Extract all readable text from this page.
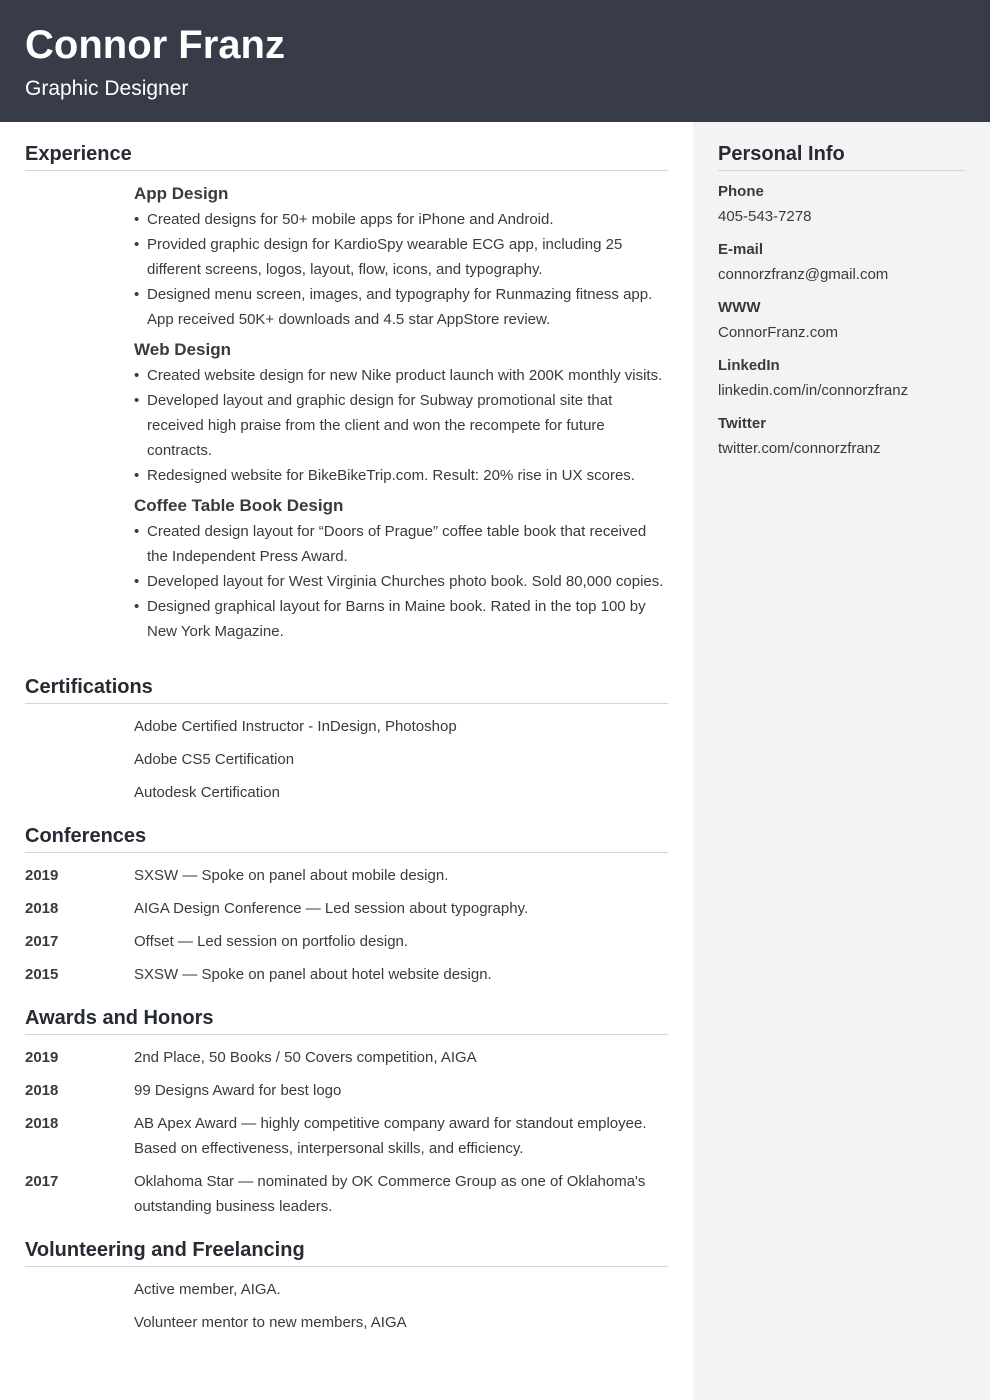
Connor Franz
Graphic Designer
Experience
App Design
• Created designs for 50+ mobile apps for iPhone and Android.
• Provided graphic design for KardioSpy wearable ECG app, including 25 different screens, logos, layout, flow, icons, and typography.
• Designed menu screen, images, and typography for Runmazing fitness app. App received 50K+ downloads and 4.5 star AppStore review.
Web Design
• Created website design for new Nike product launch with 200K monthly visits.
• Developed layout and graphic design for Subway promotional site that received high praise from the client and won the recompete for future contracts.
• Redesigned website for BikeBikeTrip.com. Result: 20% rise in UX scores.
Coffee Table Book Design
• Created design layout for “Doors of Prague” coffee table book that received the Independent Press Award.
• Developed layout for West Virginia Churches photo book. Sold 80,000 copies.
• Designed graphical layout for Barns in Maine book. Rated in the top 100 by New York Magazine.
Certifications
Adobe Certified Instructor - InDesign, Photoshop
Adobe CS5 Certification
Autodesk Certification
Conferences
2019	SXSW — Spoke on panel about mobile design.
2018	AIGA Design Conference — Led session about typography.
2017	Offset — Led session on portfolio design.
2015	SXSW — Spoke on panel about hotel website design.
Awards and Honors
2019	2nd Place, 50 Books / 50 Covers competition, AIGA
2018	99 Designs Award for best logo
2018	AB Apex Award — highly competitive company award for standout employee. Based on effectiveness, interpersonal skills, and efficiency.
2017	Oklahoma Star — nominated by OK Commerce Group as one of Oklahoma's outstanding business leaders.
Volunteering and Freelancing
Active member, AIGA.
Volunteer mentor to new members, AIGA
Personal Info
Phone
405-543-7278
E-mail
connorzfranz@gmail.com
WWW
ConnorFranz.com
LinkedIn
linkedin.com/in/connorzfranz
Twitter
twitter.com/connorzfranz
